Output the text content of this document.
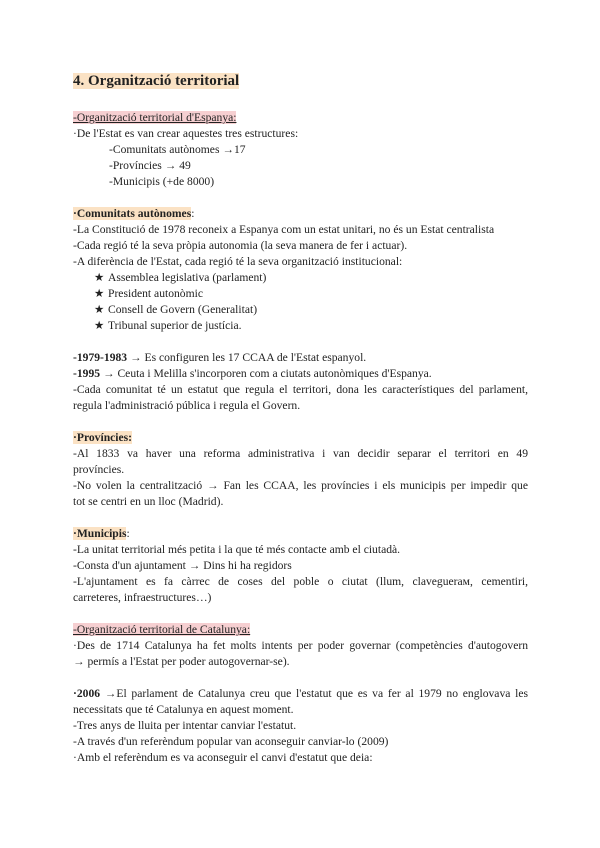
4. Organització territorial
-Organització territorial d'Espanya:
·De l'Estat es van crear aquestes tres estructures:
-Comunitats autònomes →17
-Províncies → 49
-Municipis (+de 8000)
·Comunitats autònomes:
-La Constitució de 1978 reconeix a Espanya com un estat unitari, no és un Estat centralista
-Cada regió té la seva pròpia autonomia (la seva manera de fer i actuar).
-A diferència de l'Estat, cada regió té la seva organització institucional:
★ Assemblea legislativa (parlament)
★ President autonòmic
★ Consell de Govern (Generalitat)
★ Tribunal superior de justícia.
-1979-1983 → Es configuren les 17 CCAA de l'Estat espanyol.
-1995 → Ceuta i Melilla s'incorporen com a ciutats autonòmiques d'Espanya.
-Cada comunitat té un estatut que regula el territori, dona les característiques del parlament,
regula l'administració pública i regula el Govern.
·Províncies:
-Al 1833 va haver una reforma administrativa i van decidir separar el territori en 49
províncies.
-No volen la centralització → Fan les CCAA, les províncies i els municipis per impedir que
tot se centri en un lloc (Madrid).
·Municipis:
-La unitat territorial més petita i la que té més contacte amb el ciutadà.
-Consta d'un ajuntament → Dins hi ha regidors
-L'ajuntament es fa càrrec de coses del poble o ciutat (llum, claveguerам, cementiri,
carreteres, infraestructures…)
-Organització territorial de Catalunya:
·Des de 1714 Catalunya ha fet molts intents per poder governar (competències d'autogovern
→ permís a l'Estat per poder autogovernar-se).
·2006 →El parlament de Catalunya creu que l'estatut que es va fer al 1979 no englovava les
necessitats que té Catalunya en aquest moment.
-Tres anys de lluita per intentar canviar l'estatut.
-A través d'un referèndum popular van aconseguir canviar-lo (2009)
·Amb el referèndum es va aconseguir el canvi d'estatut que deia:
